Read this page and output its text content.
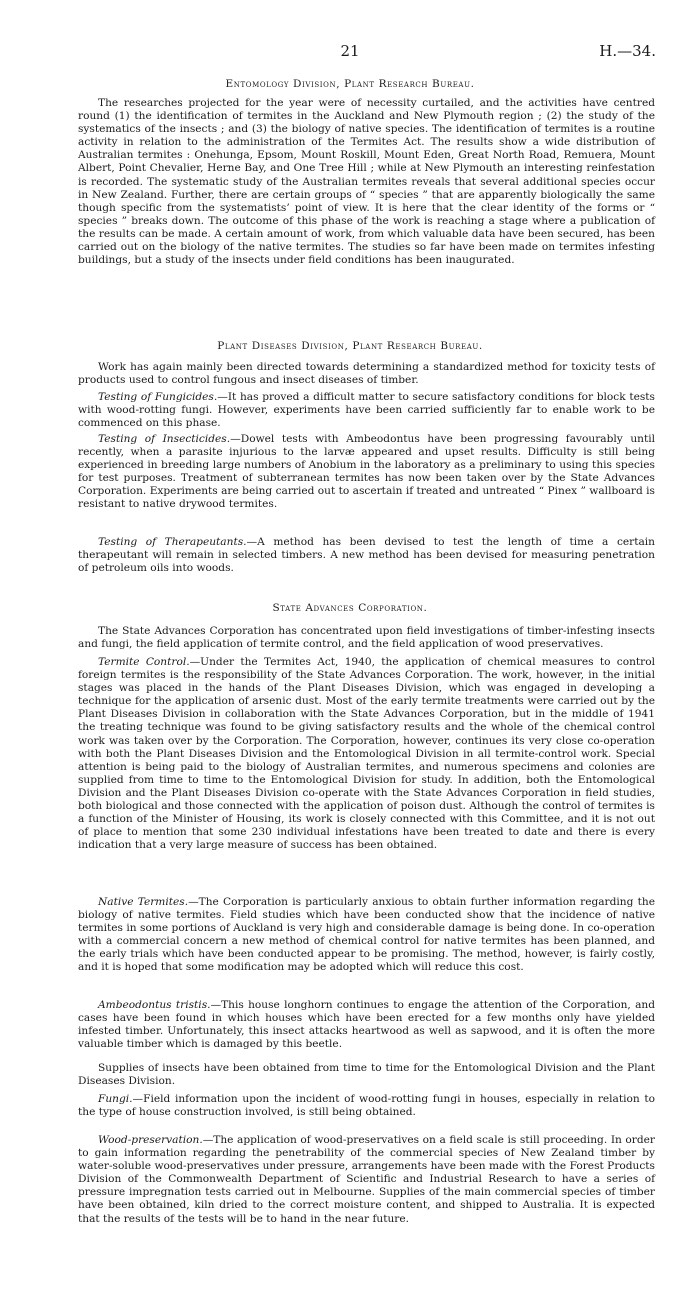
21	H.—34.
Entomology Division, Plant Research Bureau.

The researches projected for the year were of necessity curtailed, and the activities have centred round (1) the identification of termites in the Auckland and New Plymouth region ; (2) the study of the systematics of the insects ; and (3) the biology of native species. The identification of termites is a routine activity in relation to the administration of the Termites Act. The results show a wide distribution of Australian termites : Onehunga, Epsom, Mount Roskill, Mount Eden, Great North Road, Remuera, Mount Albert, Point Chevalier, Herne Bay, and One Tree Hill ; while at New Plymouth an interesting reinfestation is recorded. The systematic study of the Australian termites reveals that several additional species occur in New Zealand. Further, there are certain groups of “ species ” that are apparently biologically the same though specific from the systematists’ point of view. It is here that the clear identity of the forms or “ species ” breaks down. The outcome of this phase of the work is reaching a stage where a publication of the results can be made. A certain amount of work, from which valuable data have been secured, has been carried out on the biology of the native termites. The studies so far have been made on termites infesting buildings, but a study of the insects under field conditions has been inaugurated.

Plant Diseases Division, Plant Research Bureau.

Work has again mainly been directed towards determining a standardized method for toxicity tests of products used to control fungous and insect diseases of timber.

Testing of Fungicides.—It has proved a difficult matter to secure satisfactory conditions for block tests with wood-rotting fungi. However, experiments have been carried sufficiently far to enable work to be commenced on this phase.

Testing of Insecticides.—Dowel tests with Ambeodontus have been progressing favourably until recently, when a parasite injurious to the larvæ appeared and upset results. Difficulty is still being experienced in breeding large numbers of Anobium in the laboratory as a preliminary to using this species for test purposes. Treatment of subterranean termites has now been taken over by the State Advances Corporation. Experiments are being carried out to ascertain if treated and untreated “ Pinex ” wallboard is resistant to native drywood termites.

Testing of Therapeutants.—A method has been devised to test the length of time a certain therapeutant will remain in selected timbers. A new method has been devised for measuring penetration of petroleum oils into woods.

State Advances Corporation.

The State Advances Corporation has concentrated upon field investigations of timber-infesting insects and fungi, the field application of termite control, and the field application of wood preservatives.

Termite Control.—Under the Termites Act, 1940, the application of chemical measures to control foreign termites is the responsibility of the State Advances Corporation. The work, however, in the initial stages was placed in the hands of the Plant Diseases Division, which was engaged in developing a technique for the application of arsenic dust. Most of the early termite treatments were carried out by the Plant Diseases Division in collaboration with the State Advances Corporation, but in the middle of 1941 the treating technique was found to be giving satisfactory results and the whole of the chemical control work was taken over by the Corporation. The Corporation, however, continues its very close co-operation with both the Plant Diseases Division and the Entomological Division in all termite-control work. Special attention is being paid to the biology of Australian termites, and numerous specimens and colonies are supplied from time to time to the Entomological Division for study. In addition, both the Entomological Division and the Plant Diseases Division co-operate with the State Advances Corporation in field studies, both biological and those connected with the application of poison dust. Although the control of termites is a function of the Minister of Housing, its work is closely connected with this Committee, and it is not out of place to mention that some 230 individual infestations have been treated to date and there is every indication that a very large measure of success has been obtained.

Native Termites.—The Corporation is particularly anxious to obtain further information regarding the biology of native termites. Field studies which have been conducted show that the incidence of native termites in some portions of Auckland is very high and considerable damage is being done. In co-operation with a commercial concern a new method of chemical control for native termites has been planned, and the early trials which have been conducted appear to be promising. The method, however, is fairly costly, and it is hoped that some modification may be adopted which will reduce this cost.

Ambeodontus tristis.—This house longhorn continues to engage the attention of the Corporation, and cases have been found in which houses which have been erected for a few months only have yielded infested timber. Unfortunately, this insect attacks heartwood as well as sapwood, and it is often the more valuable timber which is damaged by this beetle.

Supplies of insects have been obtained from time to time for the Entomological Division and the Plant Diseases Division.

Fungi.—Field information upon the incident of wood-rotting fungi in houses, especially in relation to the type of house construction involved, is still being obtained.

Wood-preservation.—The application of wood-preservatives on a field scale is still proceeding. In order to gain information regarding the penetrability of the commercial species of New Zealand timber by water-soluble wood-preservatives under pressure, arrangements have been made with the Forest Products Division of the Commonwealth Department of Scientific and Industrial Research to have a series of pressure impregnation tests carried out in Melbourne. Supplies of the main commercial species of timber have been obtained, kiln dried to the correct moisture content, and shipped to Australia. It is expected that the results of the tests will be to hand in the near future.
